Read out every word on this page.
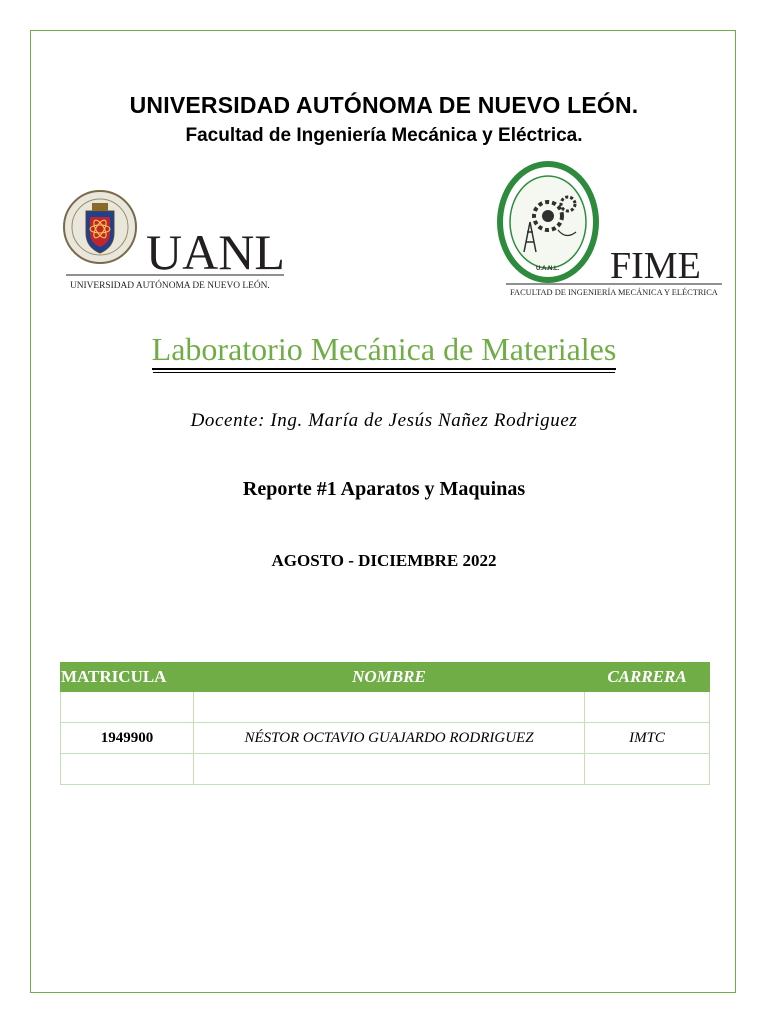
UNIVERSIDAD AUTÓNOMA DE NUEVO LEÓN.
Facultad de Ingeniería Mecánica y Eléctrica.
UANL
UNIVERSIDAD AUTÓNOMA DE NUEVO LEÓN.
U.A.N.L. FIME
FACULTAD DE INGENIERÍA MECÁNICA Y ELÉCTRICA
Laboratorio Mecánica de Materiales
Docente: Ing. María de Jesús Nañez Rodriguez
Reporte #1 Aparatos y Maquinas
AGOSTO - DICIEMBRE 2022
MATRICULA	NOMBRE	CARRERA

1949900	NÉSTOR OCTAVIO GUAJARDO RODRIGUEZ	IMTC
